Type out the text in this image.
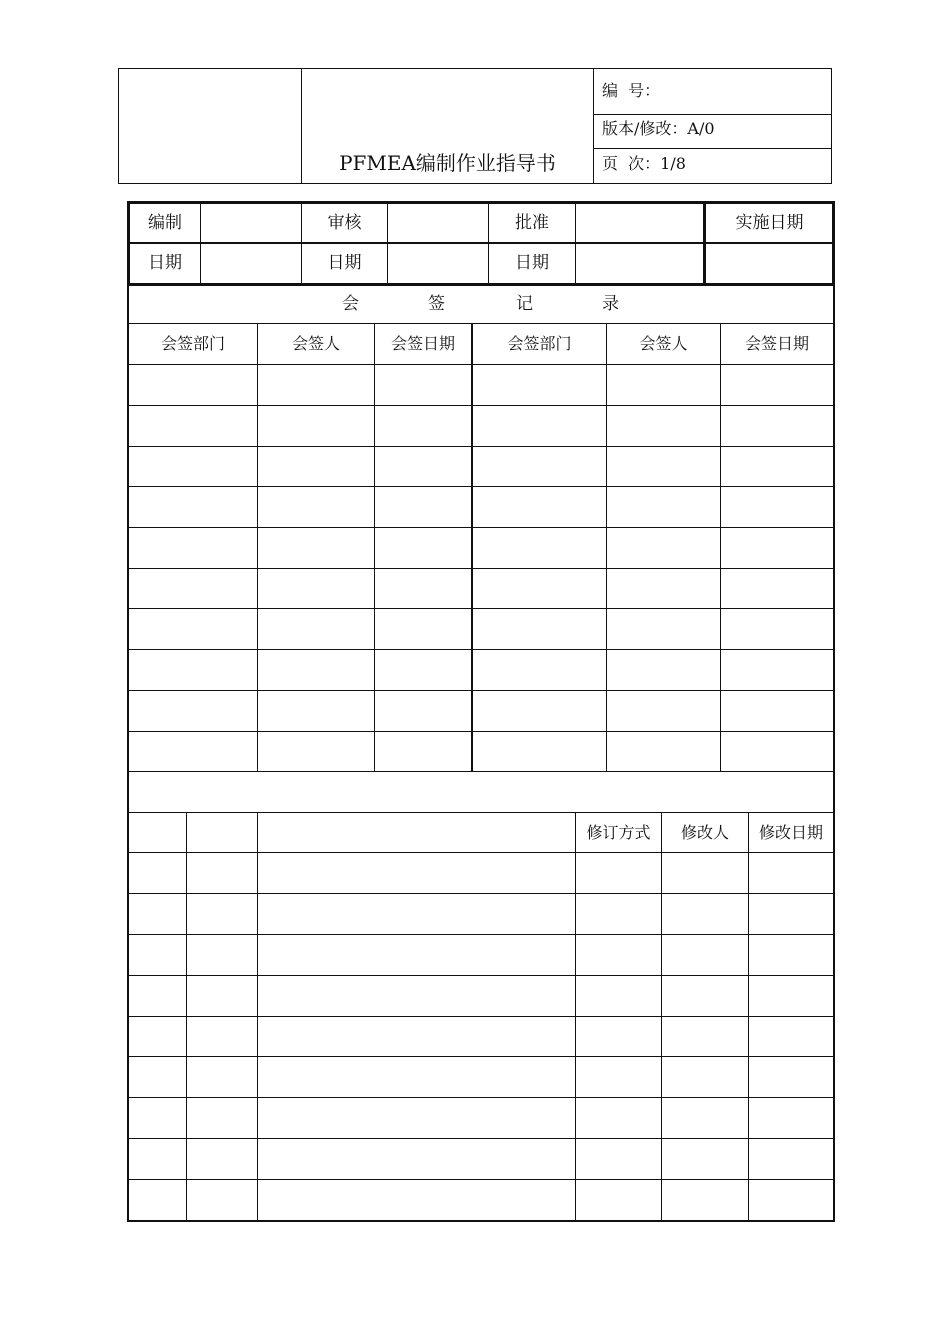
PFMEA编制作业指导书
编  号：
版本/修改：A/0
页  次：1/8
编制	审核	批准	实施日期
日期	日期	日期
会	签	记	录
会签部门	会签人	会签日期	会签部门	会签人	会签日期
修订方式	修改人	修改日期
